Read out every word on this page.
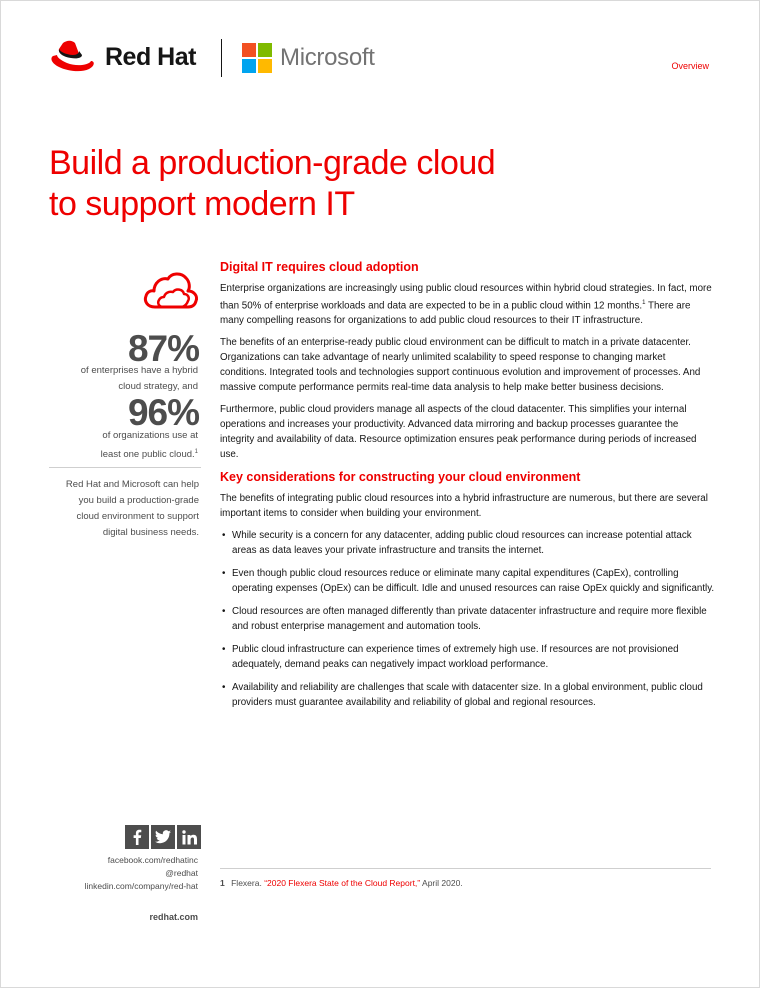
Red Hat	Microsoft	Overview
Build a production-grade cloud
to support modern IT
87%
of enterprises have a hybrid
cloud strategy, and
96%
of organizations use at
least one public cloud.$^1$
Red Hat and Microsoft can help
you build a production-grade
cloud environment to support
digital business needs.
facebook.com/redhatinc
@redhat
linkedin.com/company/red-hat
redhat.com
Digital IT requires cloud adoption

Enterprise organizations are increasingly using public cloud resources within hybrid cloud strategies. In fact, more than 50% of enterprise workloads and data are expected to be in a public cloud within 12 months.$^1$ There are many compelling reasons for organizations to add public cloud resources to their IT infrastructure.

The benefits of an enterprise-ready public cloud environment can be difficult to match in a private datacenter. Organizations can take advantage of nearly unlimited scalability to speed response to changing market conditions. Integrated tools and technologies support continuous evolution and improvement of processes. And massive compute performance permits real-time data analysis to help make better business decisions.

Furthermore, public cloud providers manage all aspects of the cloud datacenter. This simplifies your internal operations and increases your productivity. Advanced data mirroring and backup processes guarantee the integrity and availability of data. Resource optimization ensures peak performance during periods of increased use.

Key considerations for constructing your cloud environment

The benefits of integrating public cloud resources into a hybrid infrastructure are numerous, but there are several important items to consider when building your environment.

• While security is a concern for any datacenter, adding public cloud resources can increase potential attack areas as data leaves your private infrastructure and transits the internet.
• Even though public cloud resources reduce or eliminate many capital expenditures (CapEx), controlling operating expenses (OpEx) can be difficult. Idle and unused resources can raise OpEx quickly and significantly.
• Cloud resources are often managed differently than private datacenter infrastructure and require more flexible and robust enterprise management and automation tools.
• Public cloud infrastructure can experience times of extremely high use. If resources are not provisioned adequately, demand peaks can negatively impact workload performance.
• Availability and reliability are challenges that scale with datacenter size. In a global environment, public cloud providers must guarantee availability and reliability of global and regional resources.
1 Flexera. “2020 Flexera State of the Cloud Report,” April 2020.
